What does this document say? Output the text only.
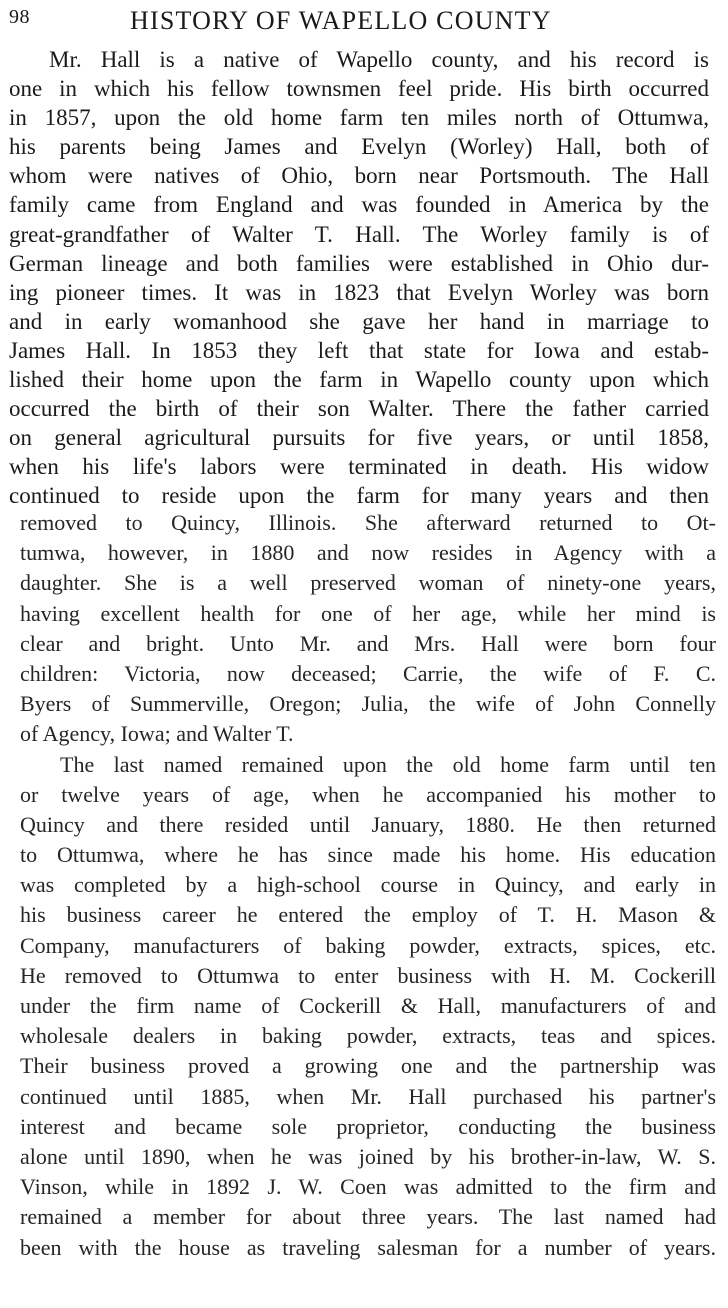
98	HISTORY OF WAPELLO COUNTY
Mr. Hall is a native of Wapello county, and his record is
one in which his fellow townsmen feel pride. His birth occurred
in 1857, upon the old home farm ten miles north of Ottumwa,
his parents being James and Evelyn (Worley) Hall, both of
whom were natives of Ohio, born near Portsmouth. The Hall
family came from England and was founded in America by the
great-grandfather of Walter T. Hall. The Worley family is of
German lineage and both families were established in Ohio dur-
ing pioneer times. It was in 1823 that Evelyn Worley was born
and in early womanhood she gave her hand in marriage to
James Hall. In 1853 they left that state for Iowa and estab-
lished their home upon the farm in Wapello county upon which
occurred the birth of their son Walter. There the father carried
on general agricultural pursuits for five years, or until 1858,
when his life's labors were terminated in death. His widow
continued to reside upon the farm for many years and then
removed to Quincy, Illinois. She afterward returned to Ot-
tumwa, however, in 1880 and now resides in Agency with a
daughter. She is a well preserved woman of ninety-one years,
having excellent health for one of her age, while her mind is
clear and bright. Unto Mr. and Mrs. Hall were born four
children: Victoria, now deceased; Carrie, the wife of F. C.
Byers of Summerville, Oregon; Julia, the wife of John Connelly
of Agency, Iowa; and Walter T.
The last named remained upon the old home farm until ten
or twelve years of age, when he accompanied his mother to
Quincy and there resided until January, 1880. He then returned
to Ottumwa, where he has since made his home. His education
was completed by a high-school course in Quincy, and early in
his business career he entered the employ of T. H. Mason &
Company, manufacturers of baking powder, extracts, spices, etc.
He removed to Ottumwa to enter business with H. M. Cockerill
under the firm name of Cockerill & Hall, manufacturers of and
wholesale dealers in baking powder, extracts, teas and spices.
Their business proved a growing one and the partnership was
continued until 1885, when Mr. Hall purchased his partner's
interest and became sole proprietor, conducting the business
alone until 1890, when he was joined by his brother-in-law, W. S.
Vinson, while in 1892 J. W. Coen was admitted to the firm and
remained a member for about three years. The last named had
been with the house as traveling salesman for a number of years.
